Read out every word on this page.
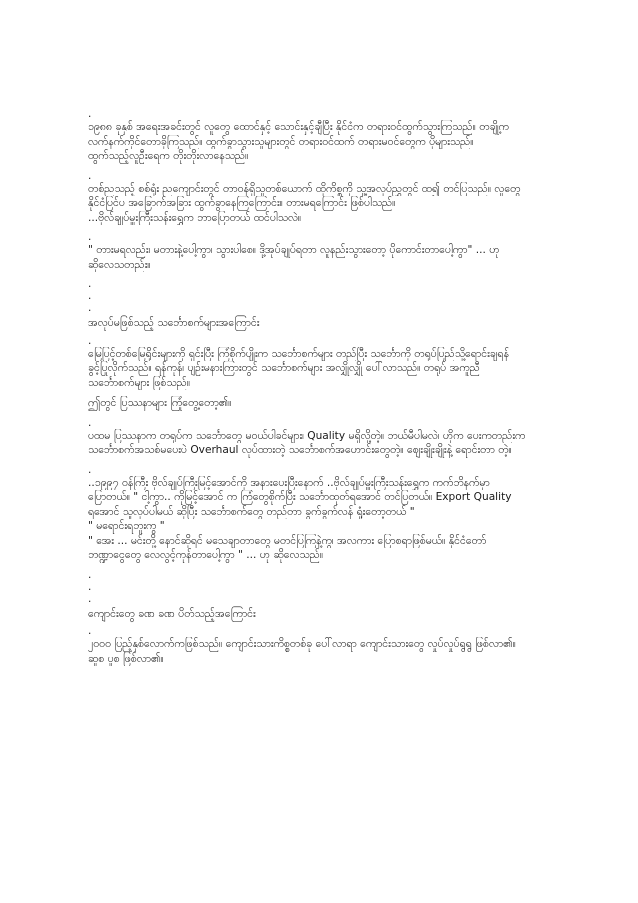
.
၁၉၈၈ ခုနှစ် အရေးအခင်းတွင် လူတွေ ထောင်နှင့် သောင်းနှင့်ချီပြီး နိုင်ငံက တရားဝင်ထွက်သွားကြသည်။ တချို့က
လက်နက်ကိုင်တောခိုကြသည်။ ထွက်ခွာသွားသူများတွင် တရားဝင်ထက် တရားမဝင်တွေက ပိုများသည်။
ထွက်သည့်လူဦးရေက တိုးတိုးလာနေသည်။
.
တစ်ညသည့် စစ်ရုံး ညကျောင်းတွင် တာဝန်ရှိသူတစ်ယောက် ထိုကိစ္စကို သူ့အလုပ်ညွှတွင် ထ၍ တင်ပြသည်။ လူတွေ
နိုင်ငံပြင်ပ အခြောက်အခြား ထွက်ခွာနေကြကြောင်း။ တားမရကြောင်း ဖြစ်ပါသည်။
...ဗိုလ်ချုပ်မှူးကြီးသန်းရွှေက ဘာပြောတယ် ထင်ပါသလဲ။
.
" တားမရလည်း၊ မတားနဲ့ပေါ့ကွာ၊ သွားပါစေ။ ဒို့အုပ်ချုပ်ရတာ လူနည်းသွားတော့ ပိုကောင်းတာပေါ့ကွာ" ... ဟု
ဆိုလေသတည်း။
.
.
.
အလုပ်မဖြစ်သည့် သင်္ဘောစက်များအကြောင်း
.
မြေပြင့်တစ်မြေရိုင်းများကို ရှင်းပြီး ကြံစိုက်ပျိုးက သင်္ဘောစက်များ တည်ပြီး သင်္ဘောကို တရုပ်ပြည်သို့ရောင်းချရန်
ခွင့်ပြုလိုက်သည်။ ရန်ကုန်၊ ပျဉ်းမနားကြားတွင် သင်္ဘောစက်များ အလျှိုလျှို ပေါ်လာသည်။ တရုပ် အကူညီ
သင်္ဘောစက်များ ဖြစ်သည်။
ဤတွင် ပြဿနာများ ကြုံတွေ့တော့၏။
.
ပထမ ပြဿနာက တရုပ်က သင်္ဘောတွေ မဝယ်ပါခင်များ၊ Quality မရှိလို့တဲ့။ ဘယ်မီပါမလဲ၊ ဟိုက ပေးကတည်းက
သင်္ဘောစက်အသစ်မပေးပဲ Overhaul လုပ်ထားတဲ့ သင်္ဘောစက်အဟောင်းတွေတဲ့။ ဈေးချိုးချိုးနဲ့ ရောင်းတာ တဲ့။
.
..၁၉၉၇ ဝန်ကြီး ဗိုလ်ချုပ်ကြီးမြင့်အောင်ကို အနားပေးပြီးနောက် ..ဗိုလ်ချုပ်မှူးကြီးသန်းရွှေက ကက်ဘိနက်မှာ
ပြောတယ်။ " ငါ့ကွာ.. ကိုမြင့်အောင် က ကြံတွေစိုက်ပြီး သင်္ဘောထုတ်ရအောင် တင်ပြတယ်။ Export Quality
ရအောင် သူလုပ်ပါမယ် ဆိုပြီး သင်္ဘောစက်တွေ တည်တာ ခွက်ခွက်လန် ရှုံးတော့တယ် "
" မရောင်းရဘူးကွ "
" အေး ... မင်းတို့ နောင်ဆိုရင် မသေချာတာတွေ မတင်ပြကြနဲ့ကွ၊ အလကား ပြောစရာဖြစ်မယ်။ နိုင်ငံတော်
ဘဏ္ဍာငွေတွေ လေလွင့်ကုန်တာပေါ့ကွာ " ... ဟု ဆိုလေသည်။
.
.
.
ကျောင်းတွေ ခဏ ခဏ ပိတ်သည့်အကြောင်း
.
၂၀၀၀ ပြည့်နှစ်လောက်ကဖြစ်သည်။ ကျောင်းသားကိစ္စတစ်ခု ပေါ်လာရာ ကျောင်းသားတွေ လှုပ်လှုပ်ရွရွ ဖြစ်လာ၏။
ဆူစ ပူစ ဖြစ်လာ၏။
